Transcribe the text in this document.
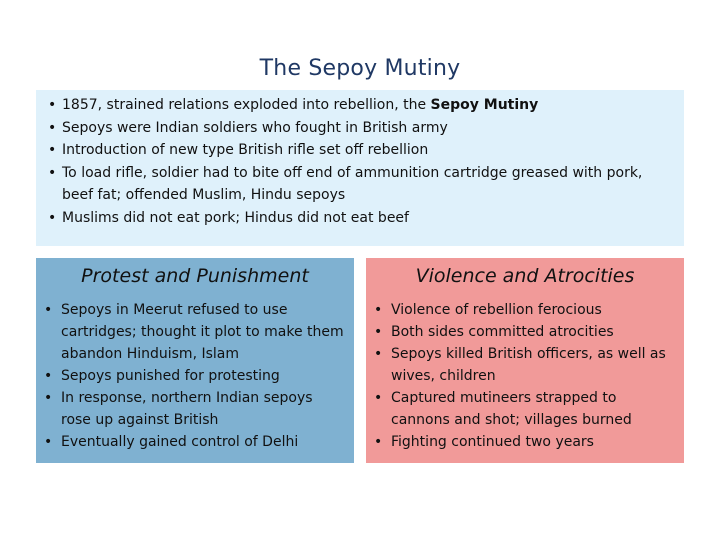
The Sepoy Mutiny
• 1857, strained relations exploded into rebellion, the Sepoy Mutiny
• Sepoys were Indian soldiers who fought in British army
• Introduction of new type British rifle set off rebellion
• To load rifle, soldier had to bite off end of ammunition cartridge greased with pork, beef fat; offended Muslim, Hindu sepoys
• Muslims did not eat pork; Hindus did not eat beef
Protest and Punishment
• Sepoys in Meerut refused to use cartridges; thought it plot to make them abandon Hinduism, Islam
• Sepoys punished for protesting
• In response, northern Indian sepoys rose up against British
• Eventually gained control of Delhi
Violence and Atrocities
• Violence of rebellion ferocious
• Both sides committed atrocities
• Sepoys killed British officers, as well as wives, children
• Captured mutineers strapped to cannons and shot; villages burned
• Fighting continued two years
